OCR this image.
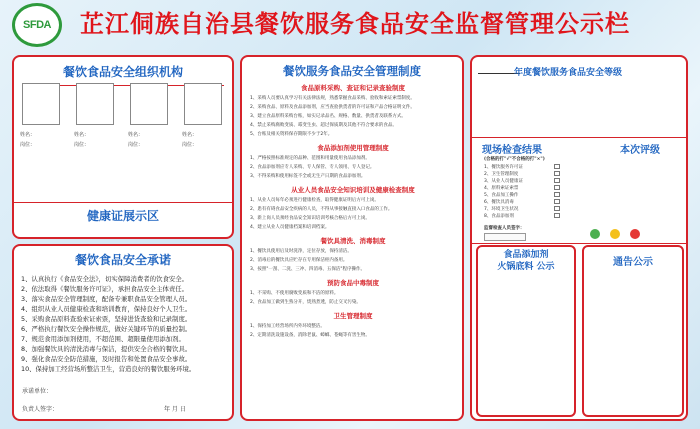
SFDA 芷江侗族自治县餐饮服务食品安全监督管理公示栏
餐饮食品安全组织机构
姓名：
岗位：
姓名：
岗位：
姓名：
岗位：
姓名：
岗位：
健康证展示区
餐饮食品安全承诺
1、认真执行《食品安全法》，切实保障消费者的饮食安全。
2、依法取得《餐饮服务许可证》，承担食品安全主体责任。
3、落实食品安全管理制度，配备专兼职食品安全管理人员。
4、组织从业人员健康检查和培训教育，保持良好个人卫生。
5、采购食品原料查验索证索票，坚持进货查验和记录制度。
6、严格执行餐饮安全操作规范，做好关键环节的质量控制。
7、规范食用添加剂使用，不超范围、超限量使用添加剂。
8、加强餐饮具的清洗消毒与保洁，提供安全合格的餐饮具。
9、强化食品安全防范措施，及时报告和处置食品安全事故。
10、保持加工经营场所整洁卫生，营造良好的餐饮服务环境。
承诺单位：
负责人签字：	年 月 日
餐饮服务食品安全管理制度
食品原料采购、查证和记录查验制度
1、采购人员要认真学习有关法律法规，熟悉掌握食品采购、验收和索证索票制度。
2、采购食品、原料及食品添加剂，应当查验供货者的许可证和产品合格证明文件。
3、建立食品原料采购台账，如实记录品名、规格、数量、供货者及联系方式。
4、禁止采购腐败变质、霉变生虫、超过保质期及其他不符合要求的食品。
5、台账及相关资料保存期限不少于2年。
食品添加剂使用管理制度
1、严格按照标准规定的品种、范围和用量使用食品添加剂。
2、食品添加剂应专人采购、专人保管、专人领用、专人登记。
3、不得采购和使用标签不全或无生产日期的食品添加剂。
从业人员食品安全知识培训及健康检查制度
1、从业人员每年必须进行健康检查，取得健康证明后方可上岗。
2、患有有碍食品安全疾病的人员，不得从事接触直接入口食品的工作。
3、新上岗人员须经食品安全知识培训考核合格后方可上岗。
4、建立从业人员健康档案和培训档案。
餐饮具清洗、消毒制度
1、餐饮具使用后及时洗净，定位存放，保持清洁。
2、消毒后的餐饮具应贮存在专用保洁柜内备用。
3、按照"一刮、二洗、三冲、四消毒、五保洁"程序操作。
预防食品中毒制度
1、不采购、不使用腐败变质和不洁的原料。
2、食品加工做到生熟分开，烧熟煮透，防止交叉污染。
卫生管理制度
1、保持加工经营场所内外环境整洁。
2、定期清洗设施设备，消除老鼠、蟑螂、苍蝇等有害生物。
年度餐饮服务食品安全等级
现场检查结果	本次评级
(合格的打"√"不合格的打"×")
1、餐饮服务许可证
2、卫生管理制度
3、从业人员健康证
4、原料索证索票
5、食品加工操作
6、餐饮具消毒
7、环境卫生状况
8、食品添加剂
监督检查人员签字：
食品添加剂
火锅底料 公示	通告公示
